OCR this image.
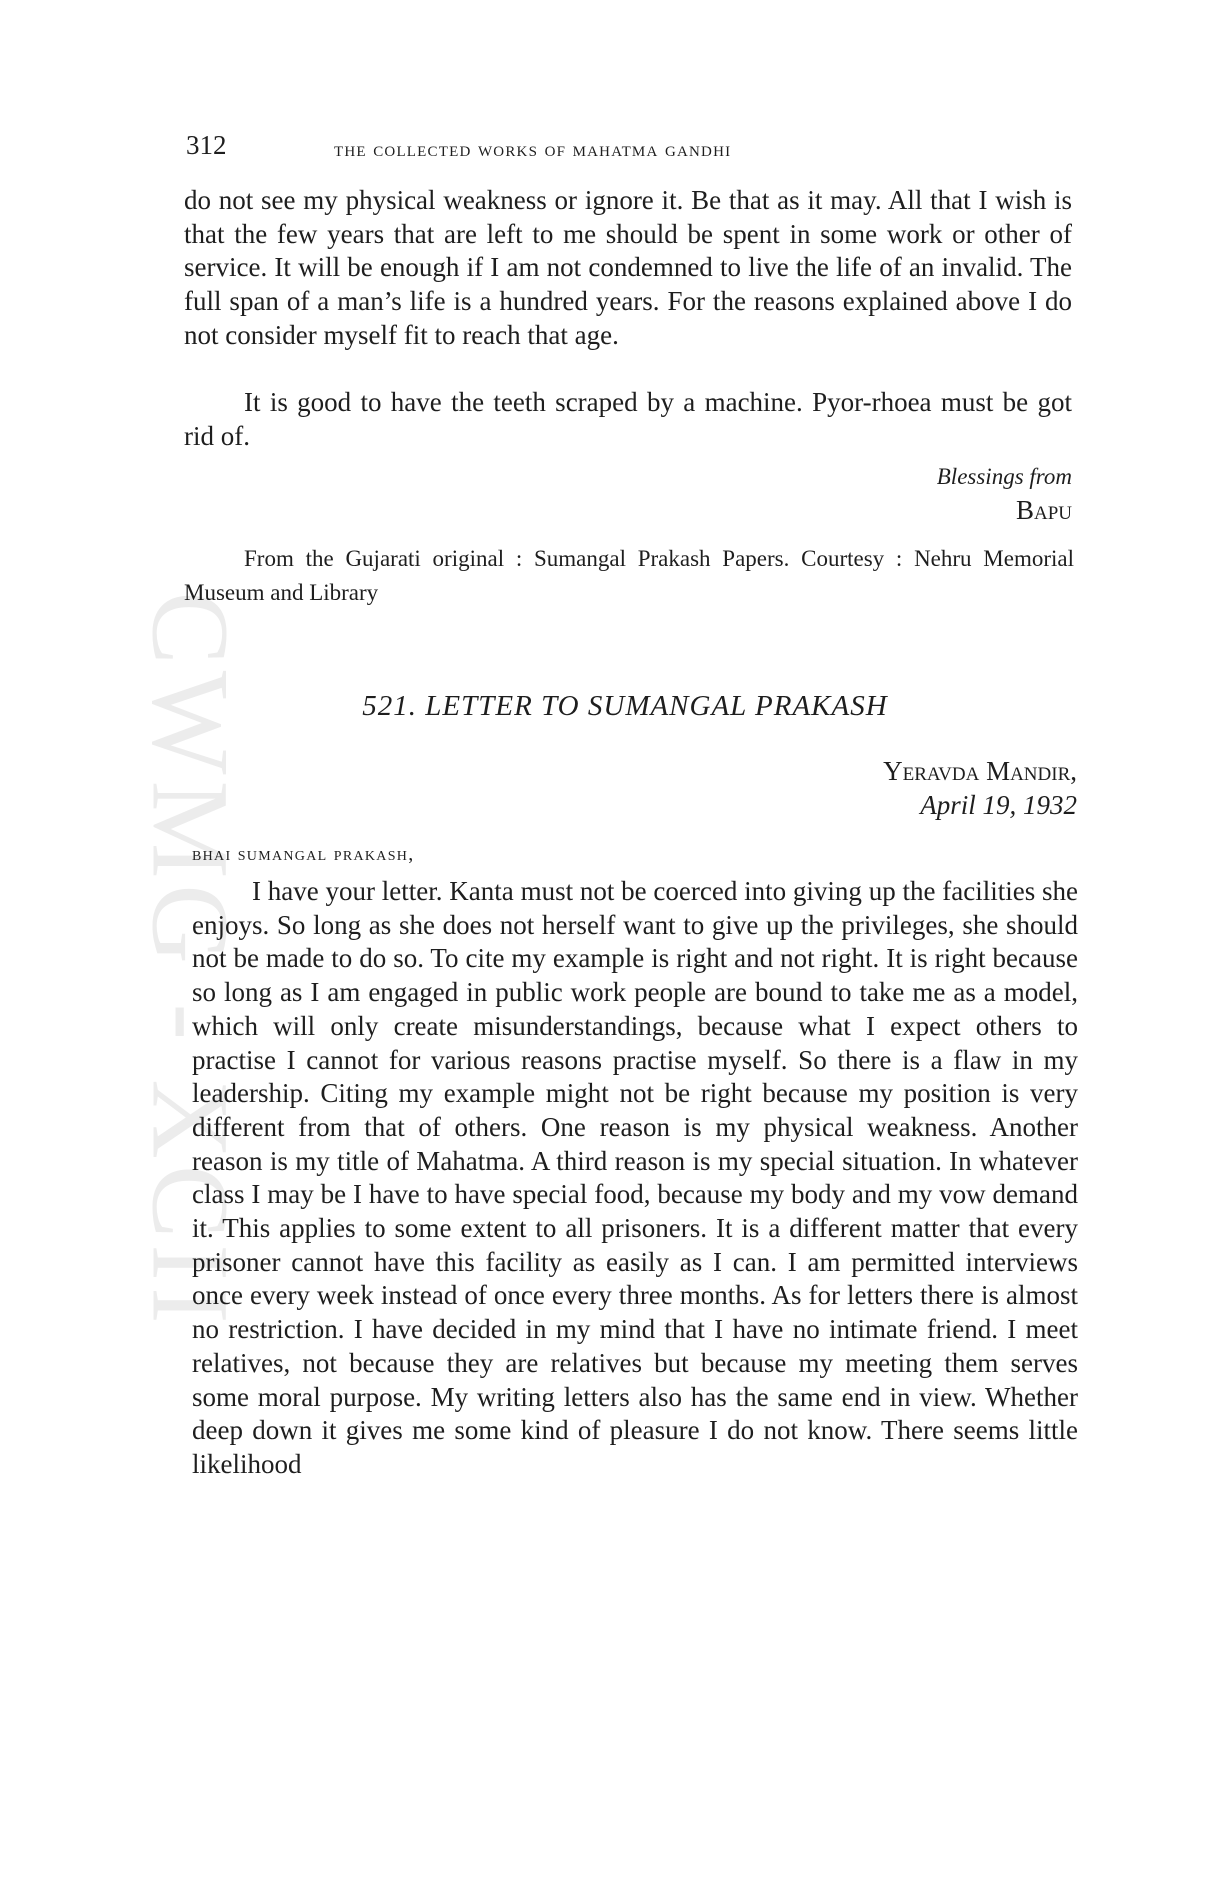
CWMG - XCII
312	the collected works of mahatma gandhi

do not see my physical weakness or ignore it. Be that as it may. All that I wish is that the few years that are left to me should be spent in some work or other of service. It will be enough if I am not condemned to live the life of an invalid. The full span of a man’s life is a hundred years. For the reasons explained above I do not consider myself fit to reach that age.

It is good to have the teeth scraped by a machine. Pyor-rhoea must be got rid of.

Blessings from
Bapu

From the Gujarati original : Sumangal Prakash Papers. Courtesy : Nehru Memorial Museum and Library

521. LETTER TO SUMANGAL PRAKASH
Yeravda Mandir,
April 19, 1932
bhai sumangal prakash,

I have your letter. Kanta must not be coerced into giving up the facilities she enjoys. So long as she does not herself want to give up the privileges, she should not be made to do so. To cite my example is right and not right. It is right because so long as I am engaged in public work people are bound to take me as a model, which will only create misunderstandings, because what I expect others to practise I cannot for various reasons practise myself. So there is a flaw in my leadership. Citing my example might not be right because my position is very different from that of others. One reason is my physical weakness. Another reason is my title of Mahatma. A third reason is my special situation. In whatever class I may be I have to have special food, because my body and my vow demand it. This applies to some extent to all prisoners. It is a different matter that every prisoner cannot have this facility as easily as I can. I am permitted interviews once every week instead of once every three months. As for letters there is almost no restriction. I have decided in my mind that I have no intimate friend. I meet relatives, not because they are relatives but because my meeting them serves some moral purpose. My writing letters also has the same end in view. Whether deep down it gives me some kind of pleasure I do not know. There seems little likelihood
